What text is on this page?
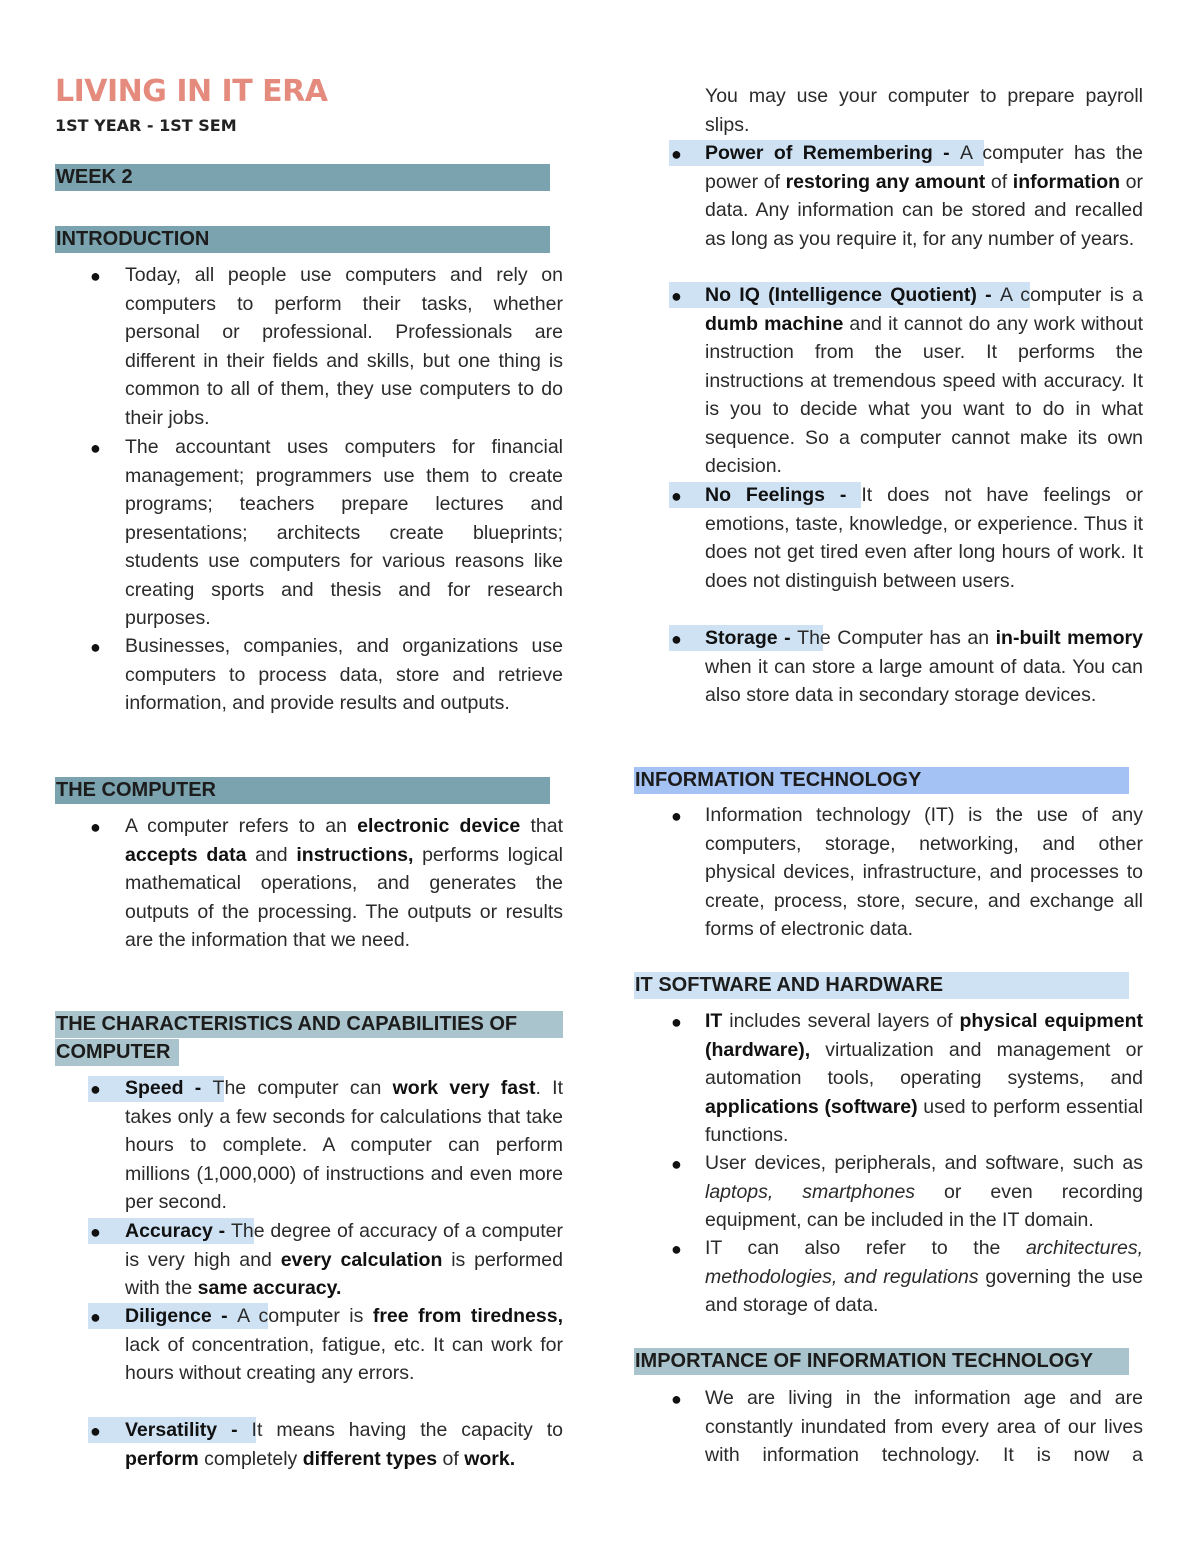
LIVING IN IT ERA
1ST YEAR - 1ST SEM
WEEK 2
INTRODUCTION
● Today, all people use computers and rely on computers to perform their tasks, whether personal or professional. Professionals are different in their fields and skills, but one thing is common to all of them, they use computers to do their jobs.

● The accountant uses computers for financial management; programmers use them to create programs; teachers prepare lectures and presentations; architects create blueprints; students use computers for various reasons like creating sports and thesis and for research purposes.

● Businesses, companies, and organizations use computers to process data, store and retrieve information, and provide results and outputs.

THE COMPUTER
● A computer refers to an electronic device that accepts data and instructions, performs logical mathematical operations, and generates the outputs of the processing. The outputs or results are the information that we need.

THE CHARACTERISTICS AND CAPABILITIES OF
COMPUTER
● Speed - The computer can work very fast. It takes only a few seconds for calculations that take hours to complete. A computer can perform millions (1,000,000) of instructions and even more per second.

● Accuracy - The degree of accuracy of a computer is very high and every calculation is performed with the same accuracy.

● Diligence - A computer is free from tiredness, lack of concentration, fatigue, etc. It can work for hours without creating any errors.

● Versatility - It means having the capacity to perform completely different types of work.

You may use your computer to prepare payroll slips.

● Power of Remembering - A computer has the power of restoring any amount of information or data. Any information can be stored and recalled as long as you require it, for any number of years.

● No IQ (Intelligence Quotient) - A computer is a dumb machine and it cannot do any work without instruction from the user. It performs the instructions at tremendous speed with accuracy. It is you to decide what you want to do in what sequence. So a computer cannot make its own decision.

● No Feelings - It does not have feelings or emotions, taste, knowledge, or experience. Thus it does not get tired even after long hours of work. It does not distinguish between users.

● Storage - The Computer has an in-built memory when it can store a large amount of data. You can also store data in secondary storage devices.

INFORMATION TECHNOLOGY
● Information technology (IT) is the use of any computers, storage, networking, and other physical devices, infrastructure, and processes to create, process, store, secure, and exchange all forms of electronic data.

IT SOFTWARE AND HARDWARE
● IT includes several layers of physical equipment (hardware), virtualization and management or automation tools, operating systems, and applications (software) used to perform essential functions.

● User devices, peripherals, and software, such as laptops, smartphones or even recording equipment, can be included in the IT domain.

● IT can also refer to the architectures, methodologies, and regulations governing the use and storage of data.

IMPORTANCE OF INFORMATION TECHNOLOGY
● We are living in the information age and are constantly inundated from every area of our lives with information technology. It is now a
